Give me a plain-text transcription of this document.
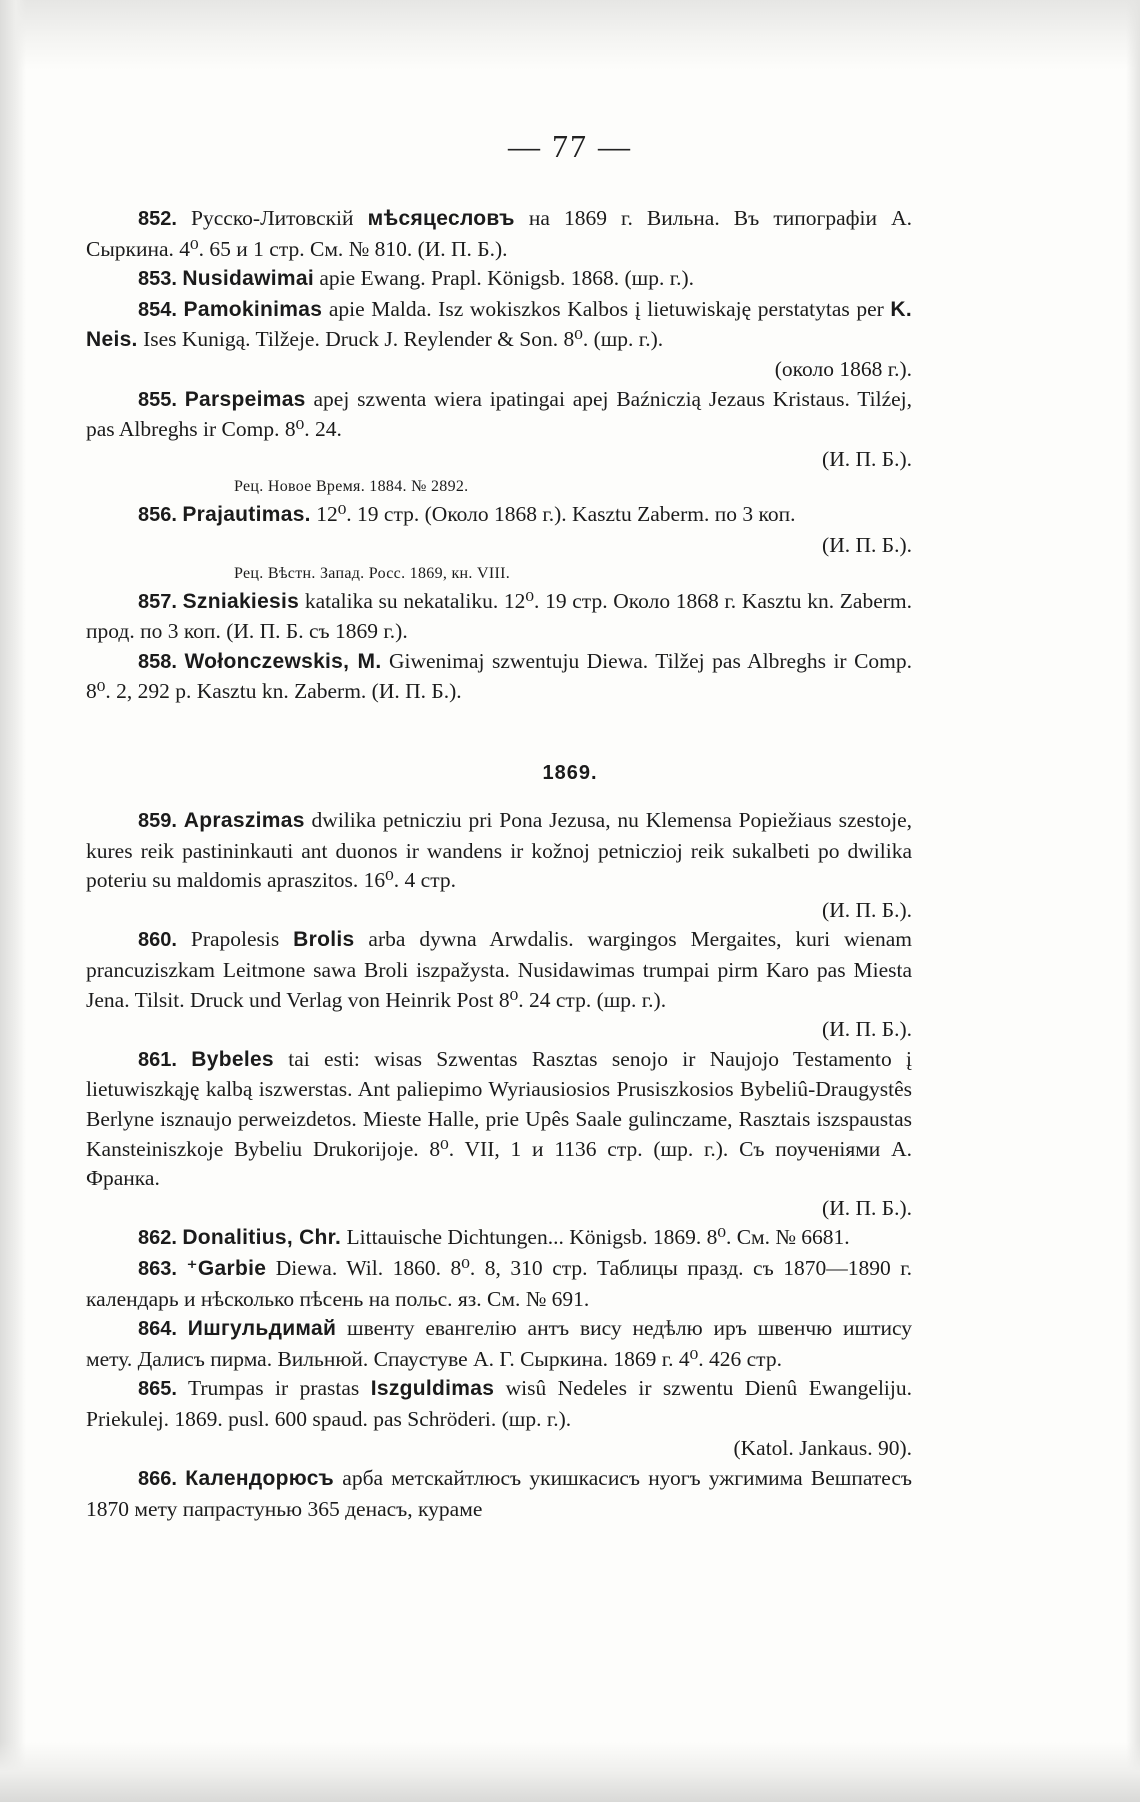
— 77 —

852. Русско-Литовскій мѣсяцесловъ на 1869 г. Вильна. Въ типографіи А. Сыркина. 4⁰. 65 и 1 стр. См. № 810. (И. П. Б.).

853. Nusidawimai apie Ewang. Prapl. Königsb. 1868. (шр. г.).

854. Pamokinimas apie Malda. Isz wokiszkos Kalbos į lietuwiskaję perstatytas per K. Neis. Ises Kunigą. Tilžeje. Druck J. Reylender & Son. 8⁰. (шр. г.).

(около 1868 г.).

855. Parspeimas apej szwenta wiera ipatingai apej Baźniczią Jezaus Kristaus. Tilźej, pas Albreghs ir Comp. 8⁰. 24.

(И. П. Б.).

Рец. Новое Время. 1884. № 2892.

856. Prajautimas. 12⁰. 19 стр. (Около 1868 г.). Kasztu Zaberm. по 3 коп.

(И. П. Б.).

Рец. Вѣстн. Запад. Росс. 1869, кн. VIII.

857. Szniakiesis katalika su nekataliku. 12⁰. 19 стр. Около 1868 г. Kasztu kn. Zaberm. прод. по 3 коп. (И. П. Б. съ 1869 г.).

858. Wołonczewskis, M. Giwenimaj szwentuju Diewa. Tilžej pas Albreghs ir Comp. 8⁰. 2, 292 р. Kasztu kn. Zaberm. (И. П. Б.).

1869.

859. Apraszimas dwilika petnicziu pri Pona Jezusa, nu Klemensa Popiežiaus szestoje, kures reik pastininkauti ant duonos ir wandens ir kožnoj petniczioj reik sukalbeti po dwilika poteriu su maldomis apraszitos. 16⁰. 4 стр.

(И. П. Б.).

860. Prapolesis Brolis arba dywna Arwdalis. wargingos Mergaites, kuri wienam prancuziszkam Leitmone sawa Broli iszpažysta. Nusidawimas trumpai pirm Karo pas Miesta Jena. Tilsit. Druck und Verlag von Heinrik Post 8⁰. 24 стр. (шр. г.).

(И. П. Б.).

861. Bybeles tai esti: wisas Szwentas Rasztas senojo ir Naujojo Testamento į lietuwiszkąję kalbą iszwerstas. Ant paliepimo Wyriausiosios Prusiszkosios Bybeliû-Draugystês Berlyne isznaujo perweizdetos. Mieste Halle, prie Upês Saale gulinczame, Rasztais iszspaustas Kansteiniszkoje Bybeliu Drukorijoje. 8⁰. VII, 1 и 1136 стр. (шр. г.). Съ поученіями А. Франка.

(И. П. Б.).

862. Donalitius, Chr. Littauische Dichtungen... Königsb. 1869. 8⁰. См. № 6681.

863. ⁺Garbie Diewa. Wil. 1860. 8⁰. 8, 310 стр. Таблицы празд. съ 1870—1890 г. календарь и нѣсколько пѣсень на польс. яз. См. № 691.

864. Ишгульдимай швенту евангелію антъ вису недѣлю иръ швенчю иштису мету. Далисъ пирма. Вильнюй. Спаустуве А. Г. Сыркина. 1869 г. 4⁰. 426 стр.

865. Trumpas ir prastas Iszguldimas wisû Nedeles ir szwentu Dienû Ewangeliju. Priekulej. 1869. pusl. 600 spaud. pas Schröderi. (шр. г.).

(Katol. Jankaus. 90).

866. Календорюсъ арба метскайтлюсъ укишкасисъ нуогъ ужгимима Вешпатесъ 1870 мету папрастунью 365 денасъ, кураме
